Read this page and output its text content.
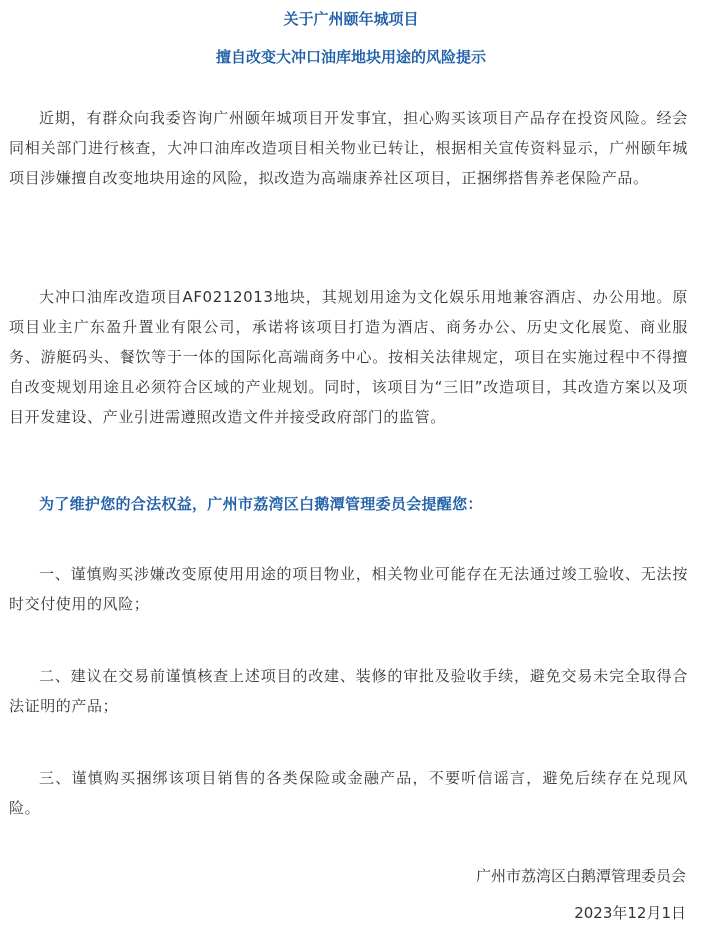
关于广州颐年城项目
擅自改变大冲口油库地块用途的风险提示

近期，有群众向我委咨询广州颐年城项目开发事宜，担心购买该项目产品存在投资风险。经会同相关部门进行核查，大冲口油库改造项目相关物业已转让，根据相关宣传资料显示，广州颐年城项目涉嫌擅自改变地块用途的风险，拟改造为高端康养社区项目，正捆绑搭售养老保险产品。

大冲口油库改造项目AF0212013地块，其规划用途为文化娱乐用地兼容酒店、办公用地。原项目业主广东盈升置业有限公司，承诺将该项目打造为酒店、商务办公、历史文化展览、商业服务、游艇码头、餐饮等于一体的国际化高端商务中心。按相关法律规定，项目在实施过程中不得擅自改变规划用途且必须符合区域的产业规划。同时，该项目为“三旧”改造项目，其改造方案以及项目开发建设、产业引进需遵照改造文件并接受政府部门的监管。

为了维护您的合法权益，广州市荔湾区白鹅潭管理委员会提醒您：

一、谨慎购买涉嫌改变原使用用途的项目物业，相关物业可能存在无法通过竣工验收、无法按时交付使用的风险；

二、建议在交易前谨慎核查上述项目的改建、装修的审批及验收手续，避免交易未完全取得合法证明的产品；

三、谨慎购买捆绑该项目销售的各类保险或金融产品，不要听信谣言，避免后续存在兑现风险。

广州市荔湾区白鹅潭管理委员会
2023年12月1日
